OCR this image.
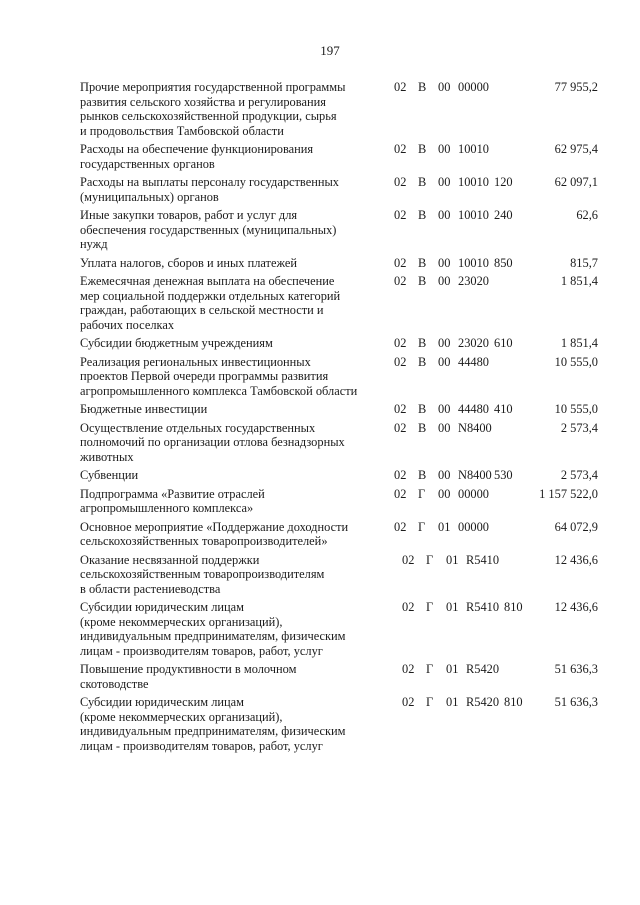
197
Прочие мероприятия государственной программы
развития сельского хозяйства и регулирования
рынков сельскохозяйственной продукции, сырья
и продовольствия Тамбовской области
02 В 00 00000	77 955,2
Расходы на обеспечение функционирования
государственных органов
02 В 00 10010	62 975,4
Расходы на выплаты персоналу государственных
(муниципальных) органов
02 В 00 10010 120	62 097,1
Иные закупки товаров, работ и услуг для
обеспечения государственных (муниципальных)
нужд
02 В 00 10010 240	62,6
Уплата налогов, сборов и иных платежей	02 В 00 10010 850	815,7
Ежемесячная денежная выплата на обеспечение
мер социальной поддержки отдельных категорий
граждан, работающих в сельской местности и
рабочих поселках
02 В 00 23020	1 851,4
Субсидии бюджетным учреждениям	02 В 00 23020 610	1 851,4
Реализация региональных инвестиционных
проектов Первой очереди программы развития
агропромышленного комплекса Тамбовской области
02 В 00 44480	10 555,0
Бюджетные инвестиции	02 В 00 44480 410	10 555,0
Осуществление отдельных государственных
полномочий по организации отлова безнадзорных
животных
02 В 00 N8400	2 573,4
Субвенции	02 В 00 N8400 530	2 573,4
Подпрограмма «Развитие отраслей
агропромышленного комплекса»
02 Г 00 00000	1 157 522,0
Основное мероприятие «Поддержание доходности
сельскохозяйственных товаропроизводителей»
02 Г 01 00000	64 072,9
Оказание несвязанной поддержки
сельскохозяйственным товаропроизводителям
в области растениеводства
02 Г 01 R5410	12 436,6
Субсидии юридическим лицам
(кроме некоммерческих организаций),
индивидуальным предпринимателям, физическим
лицам - производителям товаров, работ, услуг
02 Г 01 R5410 810	12 436,6
Повышение продуктивности в молочном
скотоводстве
02 Г 01 R5420	51 636,3
Субсидии юридическим лицам
(кроме некоммерческих организаций),
индивидуальным предпринимателям, физическим
лицам - производителям товаров, работ, услуг
02 Г 01 R5420 810	51 636,3
